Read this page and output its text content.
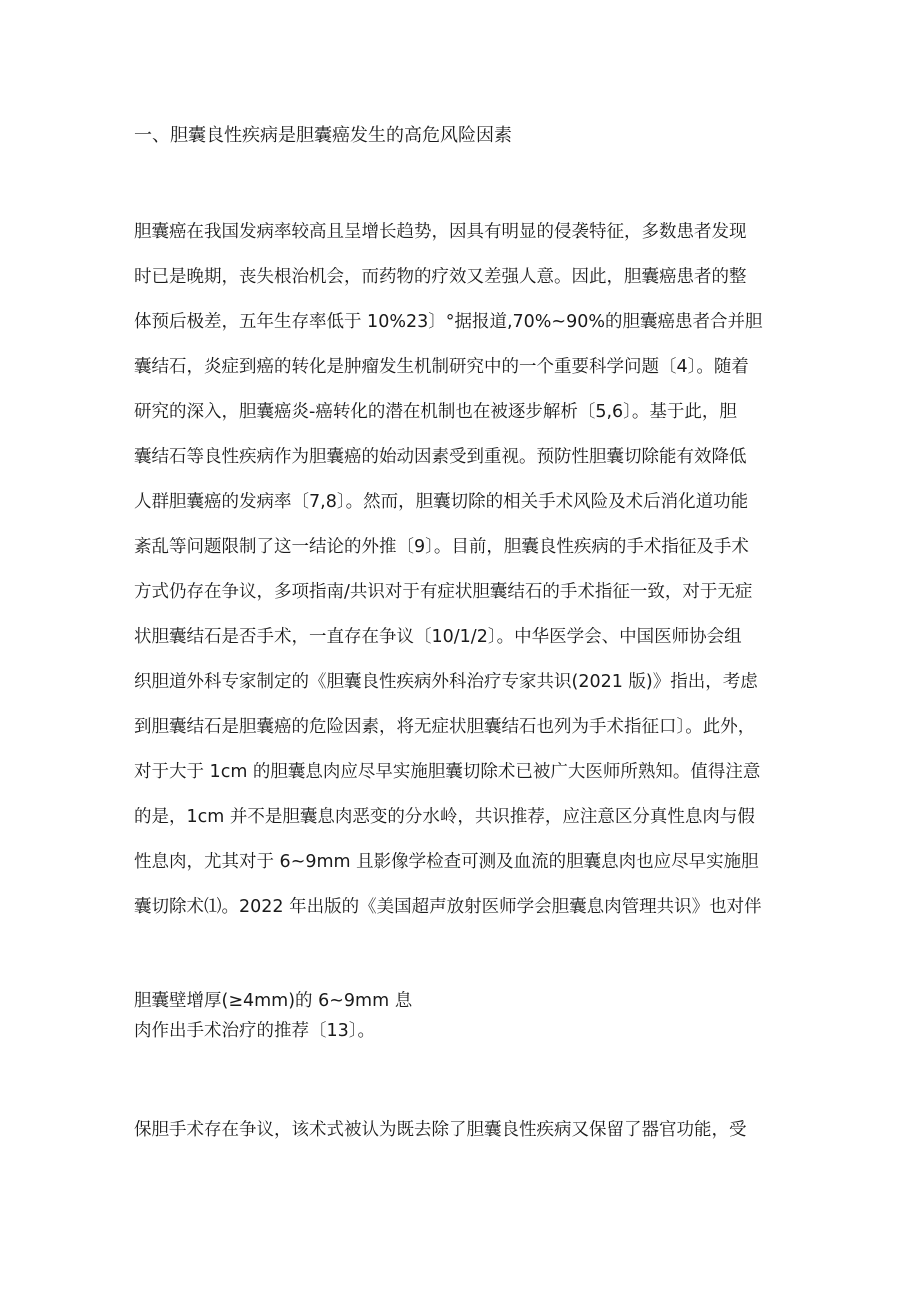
一、胆囊良性疾病是胆囊癌发生的高危风险因素
胆囊癌在我国发病率较高且呈增长趋势，因具有明显的侵袭特征，多数患者发现
时已是晚期，丧失根治机会，而药物的疗效又差强人意。因此，胆囊癌患者的整
体预后极差，五年生存率低于 10%23〕°据报道,70%~90%的胆囊癌患者合并胆
囊结石，炎症到癌的转化是肿瘤发生机制研究中的一个重要科学问题〔4〕。随着
研究的深入，胆囊癌炎-癌转化的潜在机制也在被逐步解析〔5,6〕。基于此，胆
囊结石等良性疾病作为胆囊癌的始动因素受到重视。预防性胆囊切除能有效降低
人群胆囊癌的发病率〔7,8〕。然而，胆囊切除的相关手术风险及术后消化道功能
紊乱等问题限制了这一结论的外推〔9〕。目前，胆囊良性疾病的手术指征及手术
方式仍存在争议，多项指南/共识对于有症状胆囊结石的手术指征一致，对于无症
状胆囊结石是否手术，一直存在争议〔10/1/2〕。中华医学会、中国医师协会组
织胆道外科专家制定的《胆囊良性疾病外科治疗专家共识(2021 版)》指出，考虑
到胆囊结石是胆囊癌的危险因素，将无症状胆囊结石也列为手术指征口〕。此外，
对于大于 1cm 的胆囊息肉应尽早实施胆囊切除术已被广大医师所熟知。值得注意
的是，1cm 并不是胆囊息肉恶变的分水岭，共识推荐，应注意区分真性息肉与假
性息肉，尤其对于 6~9mm 且影像学检查可测及血流的胆囊息肉也应尽早实施胆
囊切除术⑴。2022 年出版的《美国超声放射医师学会胆囊息肉管理共识》也对伴
胆囊壁增厚(≥4mm)的 6~9mm 息
肉作出手术治疗的推荐〔13〕。
保胆手术存在争议，该术式被认为既去除了胆囊良性疾病又保留了器官功能，受
